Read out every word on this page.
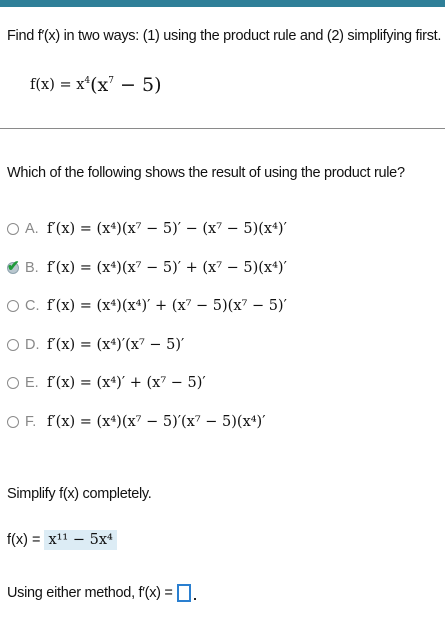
Find f′(x) in two ways: (1) using the product rule and (2) simplifying first.
$f(x) = x^4(x^7 - 5)$
Which of the following shows the result of using the product rule?
A. f′(x) = (x⁴)(x⁷ − 5)′ − (x⁷ − 5)(x⁴)′
✔ B. f′(x) = (x⁴)(x⁷ − 5)′ + (x⁷ − 5)(x⁴)′
C. f′(x) = (x⁴)(x⁴)′ + (x⁷ − 5)(x⁷ − 5)′
D. f′(x) = (x⁴)′(x⁷ − 5)′
E. f′(x) = (x⁴)′ + (x⁷ − 5)′
F. f′(x) = (x⁴)(x⁷ − 5)′(x⁷ − 5)(x⁴)′
Simplify f(x) completely.
f(x) = x¹¹ − 5x⁴
Using either method, f′(x) =
